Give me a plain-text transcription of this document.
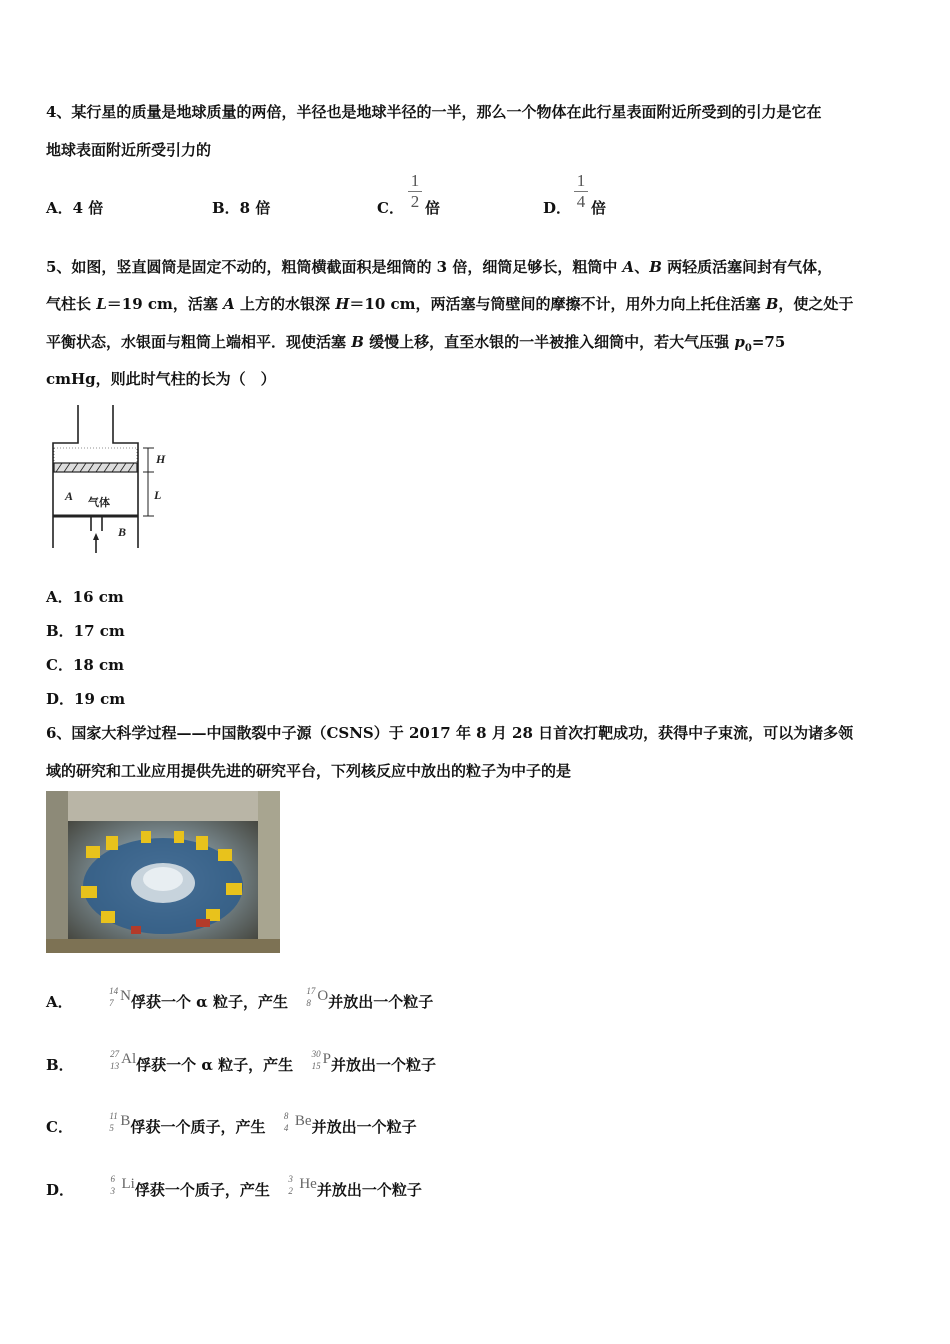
4、某行星的质量是地球质量的两倍，半径也是地球半径的一半，那么一个物体在此行星表面附近所受到的引力是它在
地球表面附近所受引力的
A．4 倍	B．8 倍	C．
1
2 倍	D．
1
4 倍
5、如图，竖直圆筒是固定不动的，粗筒横截面积是细筒的 3 倍，细筒足够长，粗筒中 A、B 两轻质活塞间封有气体，
气柱长 L＝19 cm，活塞 A 上方的水银深 H＝10 cm，两活塞与筒壁间的摩擦不计，用外力向上托住活塞 B，使之处于
平衡状态，水银面与粗筒上端相平．现使活塞 B 缓慢上移，直至水银的一半被推入细筒中，若大气压强 $p_0=75$
cmHg，则此时气柱的长为（　）
H
L
A 气体
B
A．16 cm
B．17 cm
C．18 cm
D．19 cm
6、国家大科学过程——中国散裂中子源（CSNS）于 2017 年 8 月 28 日首次打靶成功，获得中子束流，可以为诸多领
域的研究和工业应用提供先进的研究平台，下列核反应中放出的粒子为中子的是
A．
14
7 N俘获一个 α 粒子，产生
17
8 O并放出一个粒子
B．
27
13 Al俘获一个 α 粒子，产生
30
15 P并放出一个粒子
C．
11
5 B俘获一个质子，产生
8
4 Be并放出一个粒子
D．
6
3 Li俘获一个质子，产生
3
2 He并放出一个粒子
